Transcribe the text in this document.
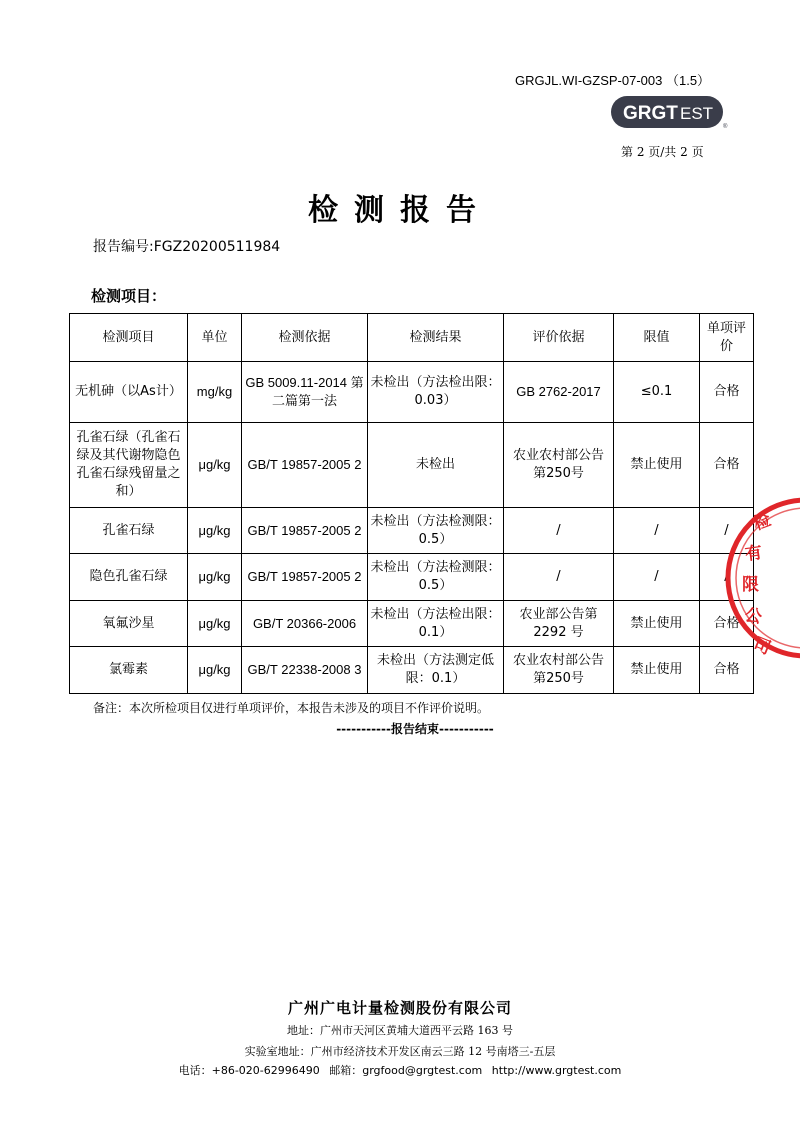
GRGJL.WI-GZSP-07-003 （1.5）
GRGT EST
®
第 2 页/共 2 页
检测报告
报告编号:FGZ20200511984
检测项目：
检测项目	单位	检测依据	检测结果	评价依据	限值	单项评价
无机砷（以As计）	mg/kg	GB 5009.11-2014 第二篇第一法	未检出（方法检出限：0.03）	GB 2762-2017	≤0.1	合格
孔雀石绿（孔雀石绿及其代谢物隐色孔雀石绿残留量之和）	μg/kg	GB/T 19857-2005 2	未检出	农业农村部公告 第250号	禁止使用	合格
孔雀石绿	μg/kg	GB/T 19857-2005 2	未检出（方法检测限：0.5）	/	/	/
隐色孔雀石绿	μg/kg	GB/T 19857-2005 2	未检出（方法检测限：0.5）	/	/	/
氧氟沙星	μg/kg	GB/T 20366-2006	未检出（方法检出限：0.1）	农业部公告第 2292 号	禁止使用	合格
氯霉素	μg/kg	GB/T 22338-2008 3	未检出（方法测定低限：0.1）	农业农村部公告 第250号	禁止使用	合格
备注：本次所检项目仅进行单项评价，本报告未涉及的项目不作评价说明。
-----------报告结束-----------
检
有
限
公
司
广州广电计量检测股份有限公司
地址：广州市天河区黄埔大道西平云路 163 号
实验室地址：广州市经济技术开发区南云三路 12 号南塔三-五层
电话：+86-020-62996490 邮箱：grgfood@grgtest.com http://www.grgtest.com
